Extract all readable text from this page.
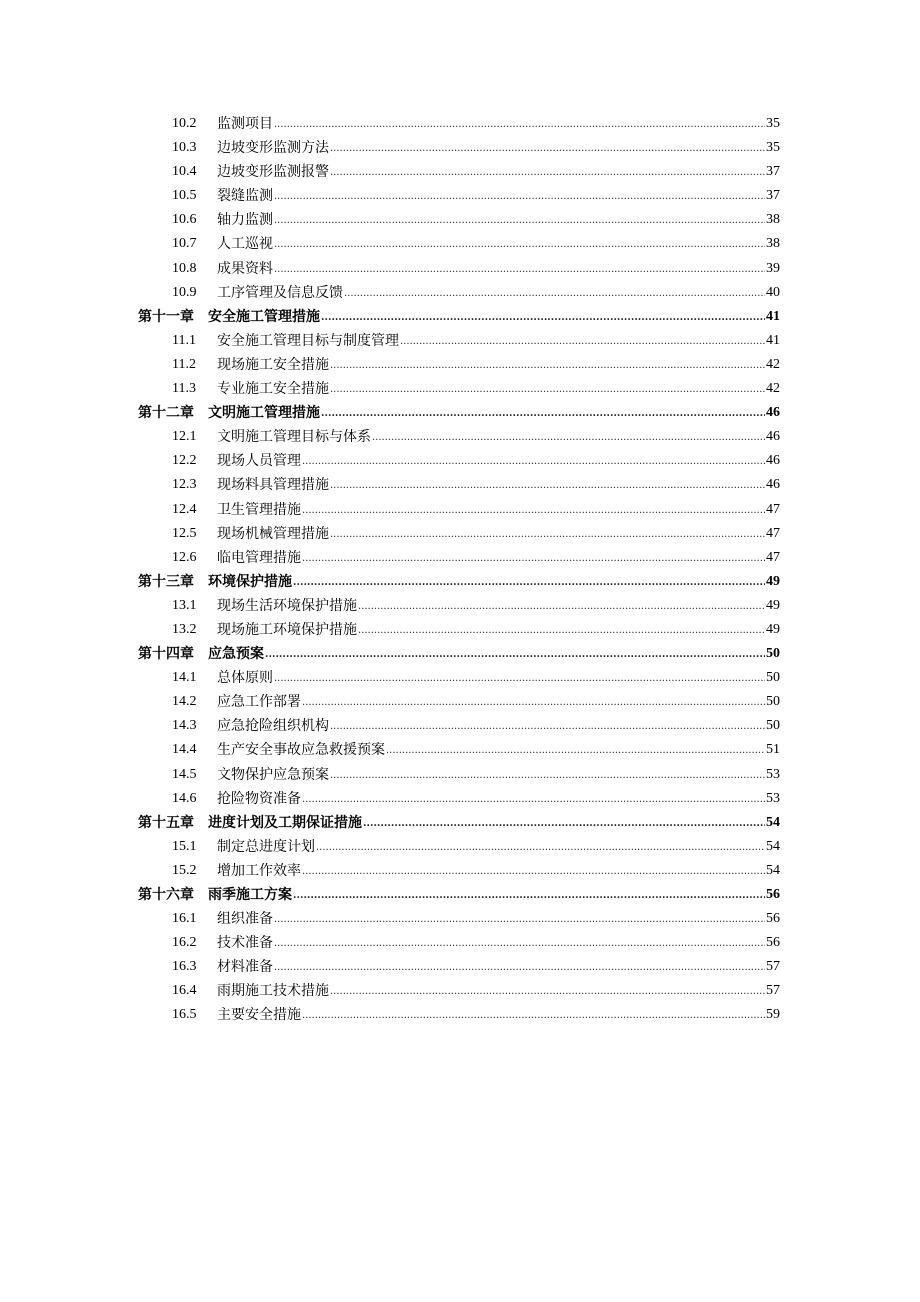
10.2	监测项目 .....	35
10.3	边坡变形监测方法 .....	35
10.4	边坡变形监测报警 .....	37
10.5	裂缝监测 .....	37
10.6	轴力监测 .....	38
10.7	人工巡视 .....	38
10.8	成果资料 .....	39
10.9	工序管理及信息反馈 .....	40
第十一章 安全施工管理措施 .....	41
11.1	安全施工管理目标与制度管理 .....	41
11.2	现场施工安全措施 .....	42
11.3	专业施工安全措施 .....	42
第十二章 文明施工管理措施 .....	46
12.1	文明施工管理目标与体系 .....	46
12.2	现场人员管理 .....	46
12.3	现场料具管理措施 .....	46
12.4	卫生管理措施 .....	47
12.5	现场机械管理措施 .....	47
12.6	临电管理措施 .....	47
第十三章 环境保护措施 .....	49
13.1	现场生活环境保护措施 .....	49
13.2	现场施工环境保护措施 .....	49
第十四章 应急预案 .....	50
14.1	总体原则 .....	50
14.2	应急工作部署 .....	50
14.3	应急抢险组织机构 .....	50
14.4	生产安全事故应急救援预案 .....	51
14.5	文物保护应急预案 .....	53
14.6	抢险物资准备 .....	53
第十五章 进度计划及工期保证措施 .....	54
15.1	制定总进度计划 .....	54
15.2	增加工作效率 .....	54
第十六章 雨季施工方案 .....	56
16.1	组织准备 .....	56
16.2	技术准备 .....	56
16.3	材料准备 .....	57
16.4	雨期施工技术措施 .....	57
16.5	主要安全措施 .....	59
